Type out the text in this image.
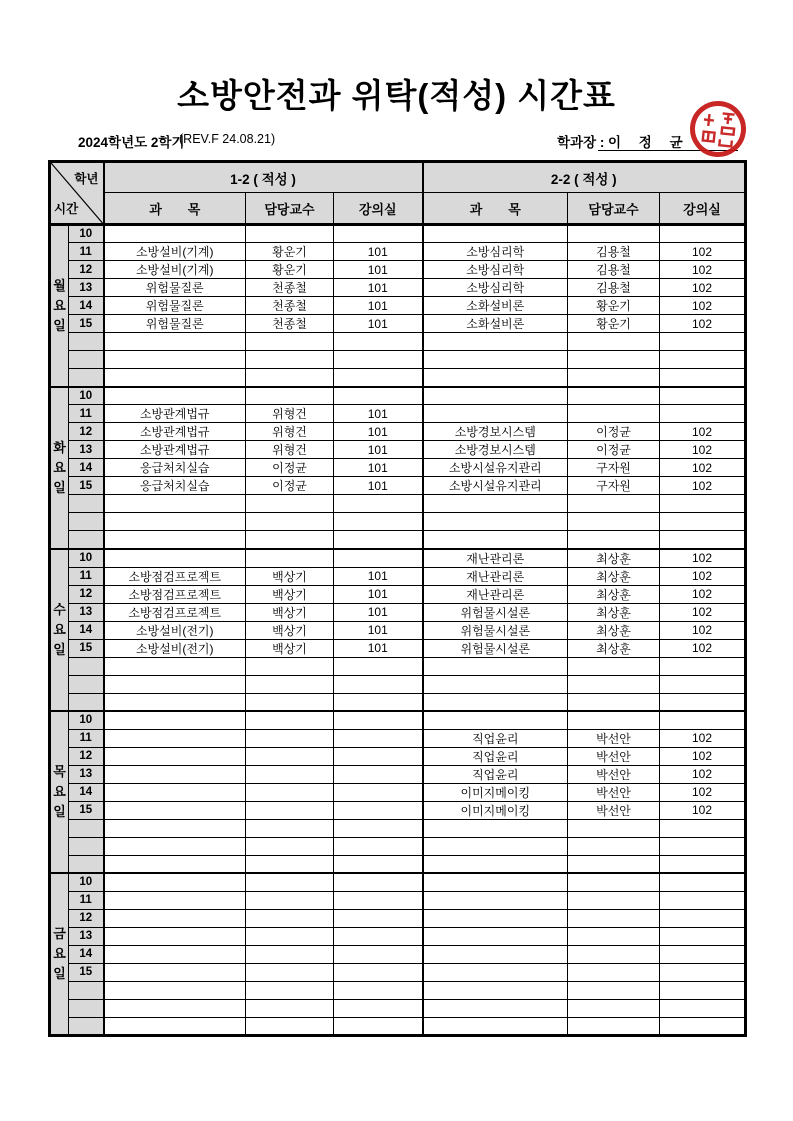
소방안전과 위탁(적성) 시간표
2024학년도 2학기
(REV.F 24.08.21)	학과장 : 이 정 균
학년
시간		1-2 ( 적성 )			2-2 ( 적성 )		
		과　　목	담당교수	강의실	과　　목	담당교수	강의실

월
요
일	10						
	11	소방설비(기계)	황운기	101	소방심리학	김용철	102
	12	소방설비(기계)	황운기	101	소방심리학	김용철	102
	13	위험물질론	천종철	101	소방심리학	김용철	102
	14	위험물질론	천종철	101	소화설비론	황운기	102
	15	위험물질론	천종철	101	소화설비론	황운기	102

화
요
일	10						
	11	소방관계법규	위형건	101			
	12	소방관계법규	위형건	101	소방경보시스템	이정균	102
	13	소방관계법규	위형건	101	소방경보시스템	이정균	102
	14	응급처치실습	이정균	101	소방시설유지관리	구자원	102
	15	응급처치실습	이정균	101	소방시설유지관리	구자원	102

수
요
일	10				재난관리론	최상훈	102
	11	소방점검프로젝트	백상기	101	재난관리론	최상훈	102
	12	소방점검프로젝트	백상기	101	재난관리론	최상훈	102
	13	소방점검프로젝트	백상기	101	위험물시설론	최상훈	102
	14	소방설비(전기)	백상기	101	위험물시설론	최상훈	102
	15	소방설비(전기)	백상기	101	위험물시설론	최상훈	102

목
요
일	10						
	11				직업윤리	박선안	102
	12				직업윤리	박선안	102
	13				직업윤리	박선안	102
	14				이미지메이킹	박선안	102
	15				이미지메이킹	박선안	102

금
요
일	10						
	11						
	12						
	13						
	14						
	15						
